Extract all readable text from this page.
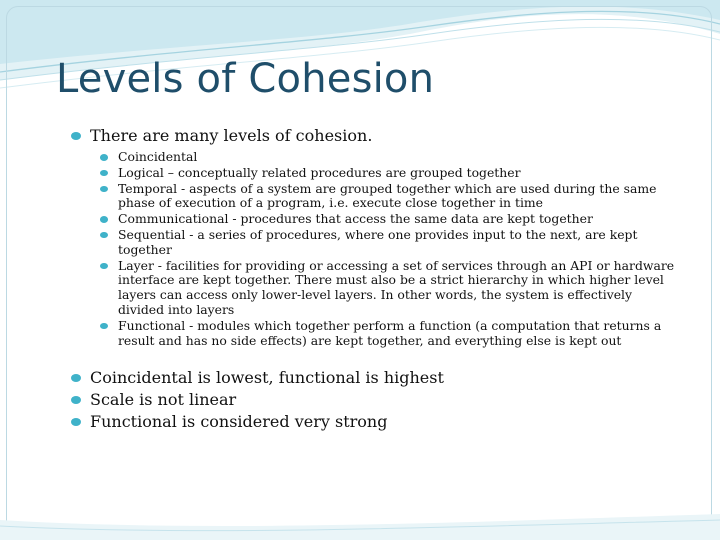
Levels of Cohesion
There are many levels of cohesion.
Coincidental
Logical – conceptually related procedures are grouped together
Temporal - aspects of a system are grouped together which are used during the same phase of execution of a program, i.e. execute close together in time
Communicational - procedures that access the same data are kept together
Sequential - a series of procedures, where one provides input to the next, are kept together
Layer - facilities for providing or accessing a set of services through an API or hardware interface are kept together. There must also be a strict hierarchy in which higher level layers can access only lower-level layers. In other words, the system is effectively divided into layers
Functional - modules which together perform a function (a computation that returns a result and has no side effects) are kept together, and everything else is kept out
Coincidental is lowest, functional is highest
Scale is not linear
Functional is considered very strong
